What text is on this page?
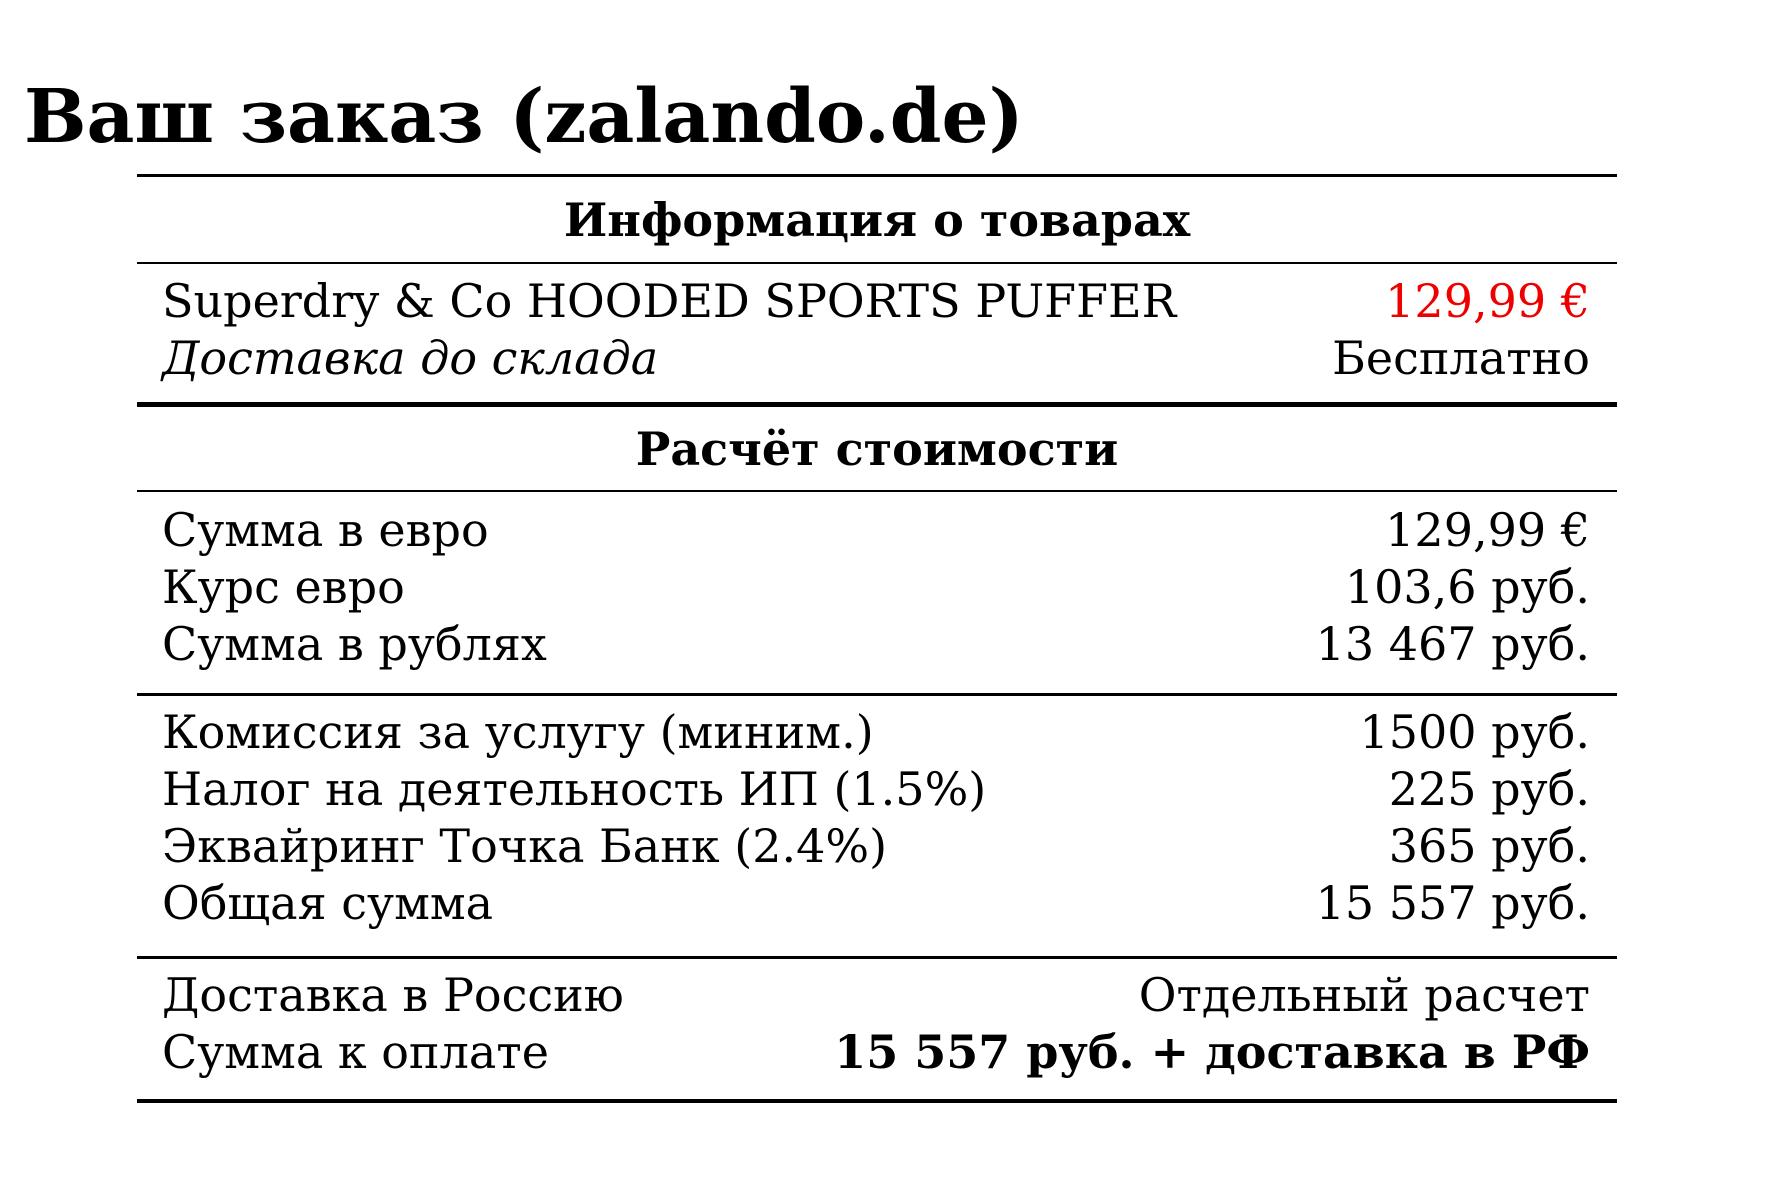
Ваш заказ (zalando.de)
Информация о товарах
Superdry & Co HOODED SPORTS PUFFER	129,99 €
Доставка до склада	Бесплатно
Расчёт стоимости
Сумма в евро	129,99 €
Курс евро	103,6 руб.
Сумма в рублях	13 467 руб.
Комиссия за услугу (миним.)	1500 руб.
Налог на деятельность ИП (1.5%)	225 руб.
Эквайринг Точка Банк (2.4%)	365 руб.
Общая сумма	15 557 руб.
Доставка в Россию	Отдельный расчет
Сумма к оплате	15 557 руб. + доставка в РФ
